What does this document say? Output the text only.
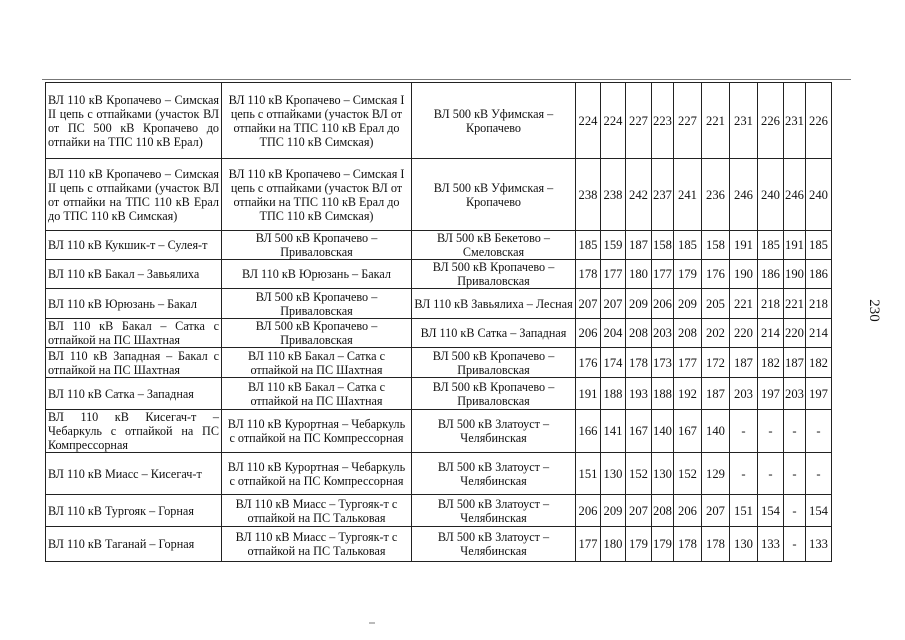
ВЛ 110 кВ Кропачево – Симская II цепь с отпайками (участок ВЛ от ПС 500 кВ Кропачево до отпайки на ТПС 110 кВ Ерал)	ВЛ 110 кВ Кропачево – Симская I цепь с отпайками (участок ВЛ от отпайки на ТПС 110 кВ Ерал до ТПС 110 кВ Симская)	ВЛ 500 кВ Уфимская – Кропачево	224	224	227	223	227	221	231	226	231	226
ВЛ 110 кВ Кропачево – Симская II цепь с отпайками (участок ВЛ от отпайки на ТПС 110 кВ Ерал до ТПС 110 кВ Симская)	ВЛ 110 кВ Кропачево – Симская I цепь с отпайками (участок ВЛ от отпайки на ТПС 110 кВ Ерал до ТПС 110 кВ Симская)	ВЛ 500 кВ Уфимская – Кропачево	238	238	242	237	241	236	246	240	246	240
ВЛ 110 кВ Кукшик-т – Сулея-т	ВЛ 500 кВ Кропачево – Приваловская	ВЛ 500 кВ Бекетово – Смеловская	185	159	187	158	185	158	191	185	191	185
ВЛ 110 кВ Бакал – Завьялиха	ВЛ 110 кВ Юрюзань – Бакал	ВЛ 500 кВ Кропачево – Приваловская	178	177	180	177	179	176	190	186	190	186
ВЛ 110 кВ Юрюзань – Бакал	ВЛ 500 кВ Кропачево – Приваловская	ВЛ 110 кВ Завьялиха – Лесная	207	207	209	206	209	205	221	218	221	218
ВЛ 110 кВ Бакал – Сатка с отпайкой на ПС Шахтная	ВЛ 500 кВ Кропачево – Приваловская	ВЛ 110 кВ Сатка – Западная	206	204	208	203	208	202	220	214	220	214
ВЛ 110 кВ Западная – Бакал с отпайкой на ПС Шахтная	ВЛ 110 кВ Бакал – Сатка с отпайкой на ПС Шахтная	ВЛ 500 кВ Кропачево – Приваловская	176	174	178	173	177	172	187	182	187	182
ВЛ 110 кВ Сатка – Западная	ВЛ 110 кВ Бакал – Сатка с отпайкой на ПС Шахтная	ВЛ 500 кВ Кропачево – Приваловская	191	188	193	188	192	187	203	197	203	197
ВЛ 110 кВ Кисегач-т – Чебаркуль с отпайкой на ПС Компрессорная	ВЛ 110 кВ Курортная – Чебаркуль с отпайкой на ПС Компрессорная	ВЛ 500 кВ Златоуст – Челябинская	166	141	167	140	167	140	-	-	-	-
ВЛ 110 кВ Миасс – Кисегач-т	ВЛ 110 кВ Курортная – Чебаркуль с отпайкой на ПС Компрессорная	ВЛ 500 кВ Златоуст – Челябинская	151	130	152	130	152	129	-	-	-	-
ВЛ 110 кВ Тургояк – Горная	ВЛ 110 кВ Миасс – Тургояк-т с отпайкой на ПС Тальковая	ВЛ 500 кВ Златоуст – Челябинская	206	209	207	208	206	207	151	154	-	154
ВЛ 110 кВ Таганай – Горная	ВЛ 110 кВ Миасс – Тургояк-т с отпайкой на ПС Тальковая	ВЛ 500 кВ Златоуст – Челябинская	177	180	179	179	178	178	130	133	-	133
230
